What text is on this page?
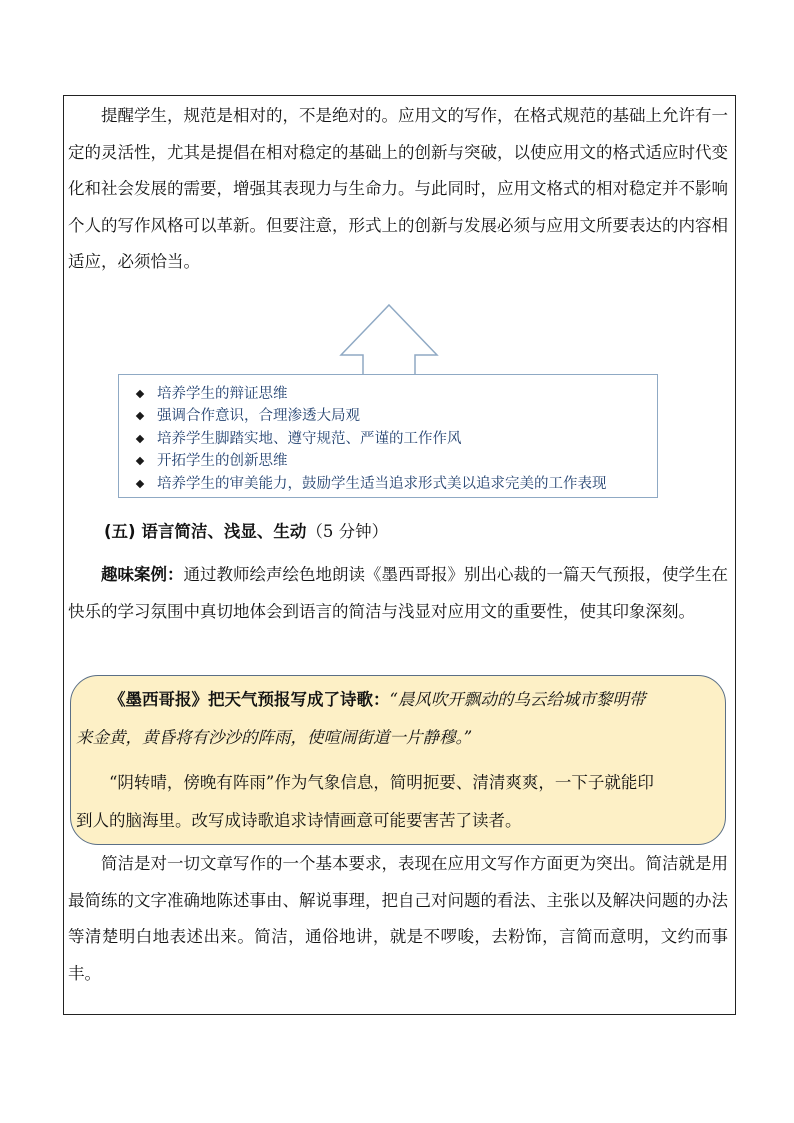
提醒学生，规范是相对的，不是绝对的。应用文的写作，在格式规范的基础上允许有一定的灵活性，尤其是提倡在相对稳定的基础上的创新与突破，以使应用文的格式适应时代变化和社会发展的需要，增强其表现力与生命力。与此同时，应用文格式的相对稳定并不影响个人的写作风格可以革新。但要注意，形式上的创新与发展必须与应用文所要表达的内容相适应，必须恰当。

培养学生的辩证思维
强调合作意识，合理渗透大局观
培养学生脚踏实地、遵守规范、严谨的工作作风
开拓学生的创新思维
培养学生的审美能力，鼓励学生适当追求形式美以追求完美的工作表现
(五) 语言简洁、浅显、生动（5 分钟）

趣味案例：通过教师绘声绘色地朗读《墨西哥报》别出心裁的一篇天气预报，使学生在快乐的学习氛围中真切地体会到语言的简洁与浅显对应用文的重要性，使其印象深刻。

《墨西哥报》把天气预报写成了诗歌：“晨风吹开飘动的乌云给城市黎明带

来金黄，黄昏将有沙沙的阵雨，使喧闹街道一片静穆。”

“阴转晴，傍晚有阵雨”作为气象信息，简明扼要、清清爽爽，一下子就能印

到人的脑海里。改写成诗歌追求诗情画意可能要害苦了读者。

简洁是对一切文章写作的一个基本要求，表现在应用文写作方面更为突出。简洁就是用最简练的文字准确地陈述事由、解说事理，把自己对问题的看法、主张以及解决问题的办法等清楚明白地表述出来。简洁，通俗地讲，就是不啰唆，去粉饰，言简而意明，文约而事丰。
